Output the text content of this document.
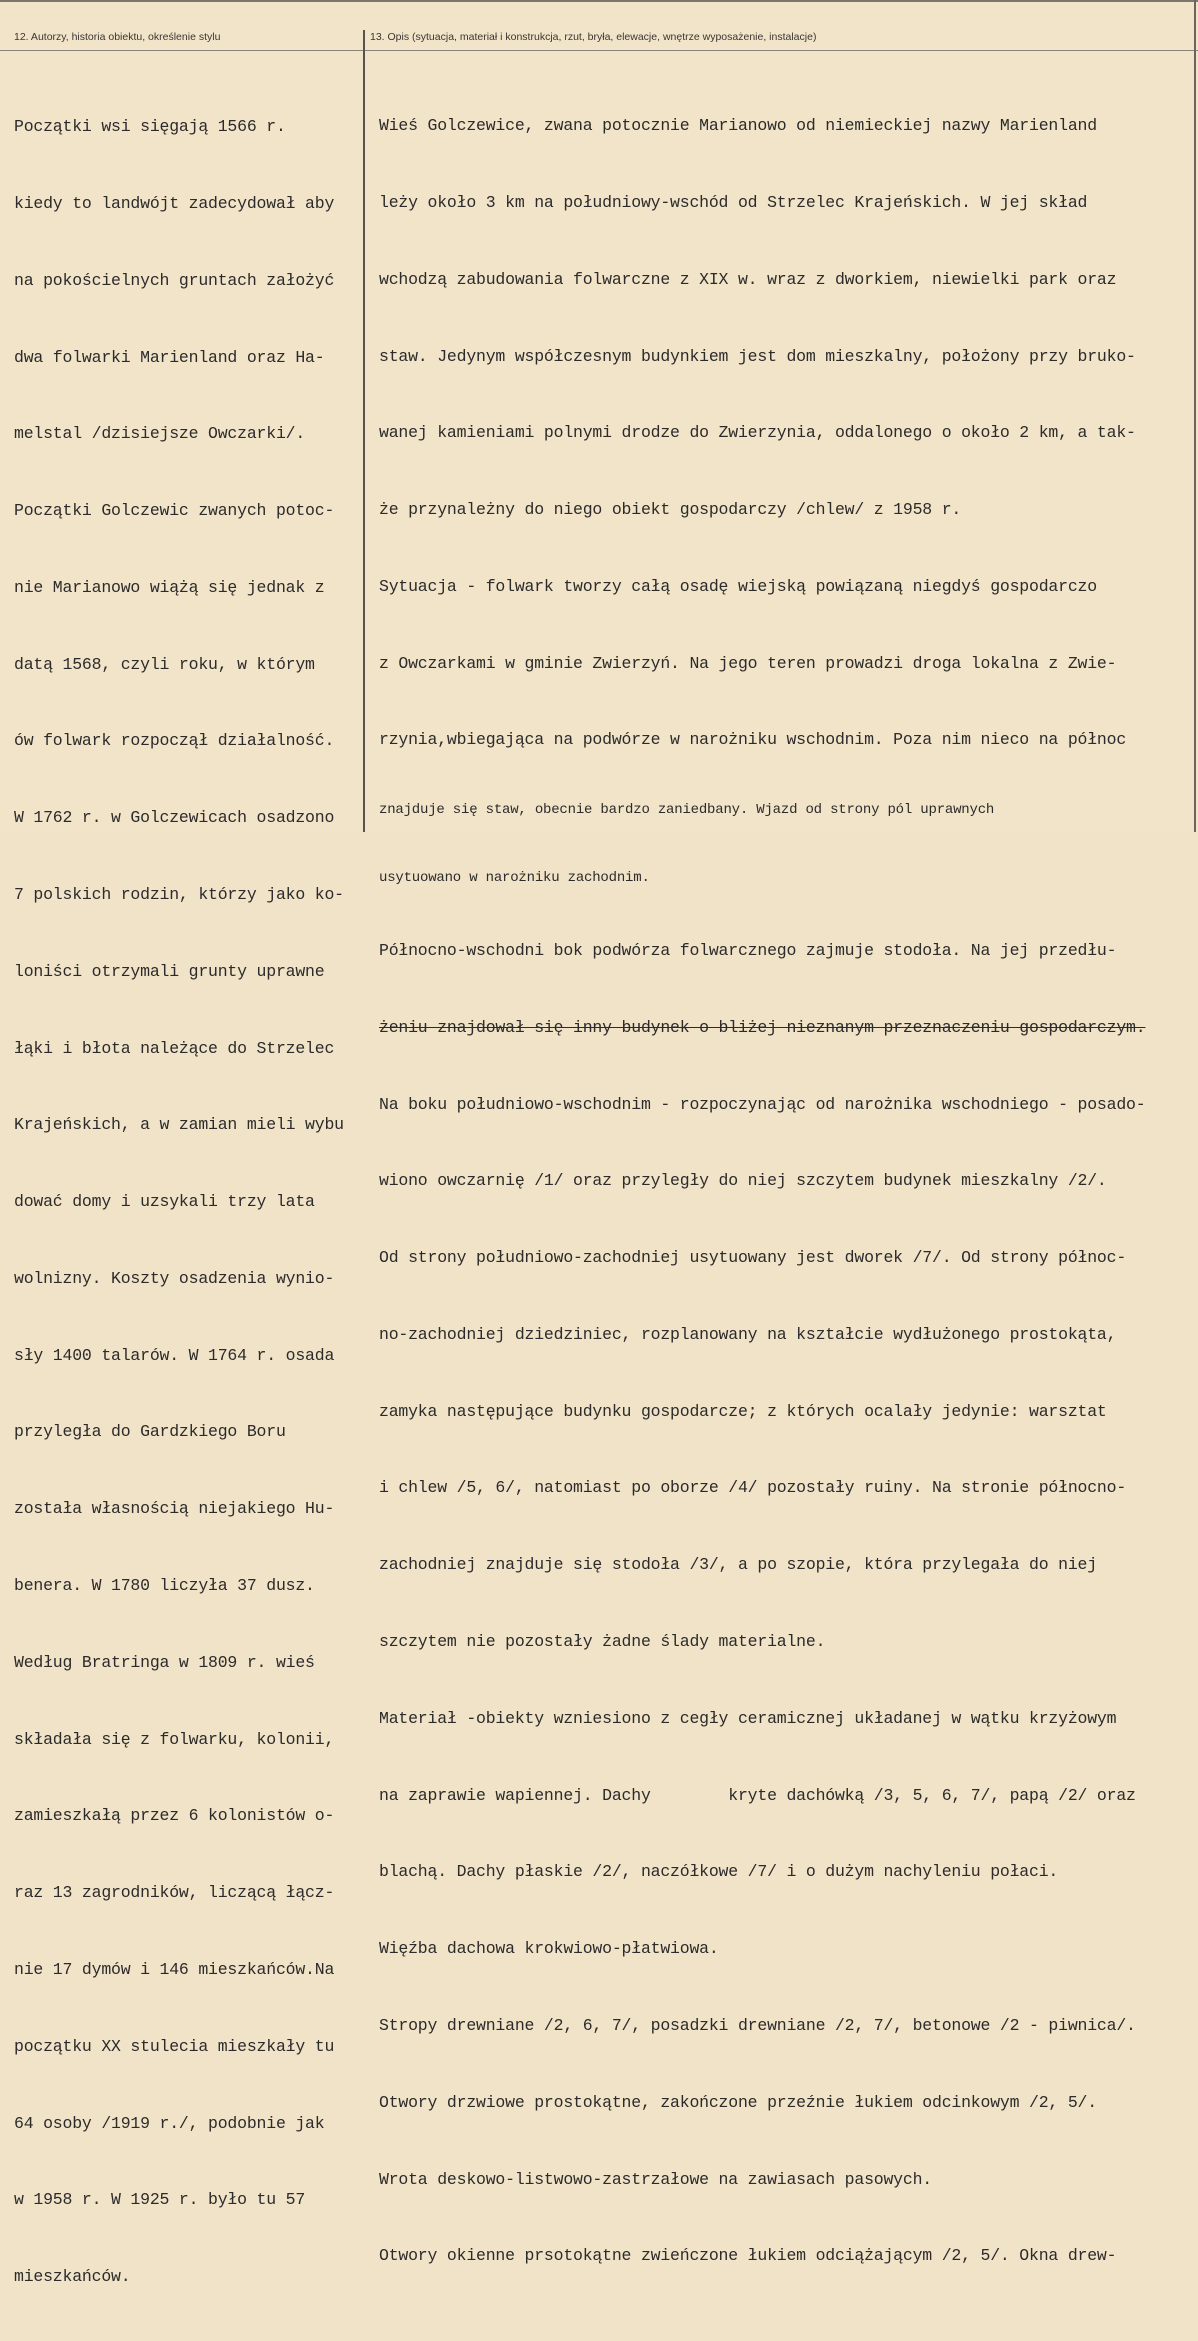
12. Autorzy, historia obiektu, określenie stylu	13. Opis (sytuacja, materiał i konstrukcja, rzut, bryła, elewacje, wnętrze wyposażenie, instalacje)

Początki wsi sięgają 1566 r.

kiedy to landwójt zadecydował aby

na pokościelnych gruntach założyć

dwa folwarki Marienland oraz Ha-

melstal /dzisiejsze Owczarki/.

Początki Golczewic zwanych potoc-

nie Marianowo wiążą się jednak z

datą 1568, czyli roku, w którym

ów folwark rozpoczął działalność.

W 1762 r. w Golczewicach osadzono

7 polskich rodzin, którzy jako ko-

loniści otrzymali grunty uprawne

łąki i błota należące do Strzelec

Krajeńskich, a w zamian mieli wybu

dować domy i uzsykali trzy lata

wolnizny. Koszty osadzenia wynio-

sły 1400 talarów. W 1764 r. osada

przyległa do Gardzkiego Boru

została własnością niejakiego Hu-

benera. W 1780 liczyła 37 dusz.

Według Bratringa w 1809 r. wieś

składała się z folwarku, kolonii,

zamieszkałą przez 6 kolonistów o-

raz 13 zagrodników, liczącą łącz-

nie 17 dymów i 146 mieszkańców.Na

początku XX stulecia mieszkały tu

64 osoby /1919 r./, podobnie jak

w 1958 r. W 1925 r. było tu 57

mieszkańców.

Wieś Golczewice, zwana potocznie Marianowo od niemieckiej nazwy Marienland

leży około 3 km na południowy-wschód od Strzelec Krajeńskich. W jej skład

wchodzą zabudowania folwarczne z XIX w. wraz z dworkiem, niewielki park oraz

staw. Jedynym współczesnym budynkiem jest dom mieszkalny, położony przy bruko-

wanej kamieniami polnymi drodze do Zwierzynia, oddalonego o około 2 km, a tak-

że przynależny do niego obiekt gospodarczy /chlew/ z 1958 r.

Sytuacja - folwark tworzy całą osadę wiejską powiązaną niegdyś gospodarczo

z Owczarkami w gminie Zwierzyń. Na jego teren prowadzi droga lokalna z Zwie-

rzynia,wbiegająca na podwórze w narożniku wschodnim. Poza nim nieco na północ

znajduje się staw, obecnie bardzo zaniedbany. Wjazd od strony pól uprawnych

usytuowano w narożniku zachodnim.

Północno-wschodni bok podwórza folwarcznego zajmuje stodoła. Na jej przedłu-

żeniu znajdował się inny budynek o bliżej nieznanym przeznaczeniu gospodarczym.

Na boku południowo-wschodnim - rozpoczynając od narożnika wschodniego - posado-

wiono owczarnię /1/ oraz przyległy do niej szczytem budynek mieszkalny /2/.

Od strony południowo-zachodniej usytuowany jest dworek /7/. Od strony północ-

no-zachodniej dziedziniec, rozplanowany na kształcie wydłużonego prostokąta,

zamyka następujące budynku gospodarcze; z których ocalały jedynie: warsztat

i chlew /5, 6/, natomiast po oborze /4/ pozostały ruiny. Na stronie północno-

zachodniej znajduje się stodoła /3/, a po szopie, która przylegała do niej

szczytem nie pozostały żadne ślady materialne.

Materiał -obiekty wzniesiono z cegły ceramicznej układanej w wątku krzyżowym

na zaprawie wapiennej. Dachy        kryte dachówką /3, 5, 6, 7/, papą /2/ oraz

blachą. Dachy płaskie /2/, naczółkowe /7/ i o dużym nachyleniu połaci.

Więźba dachowa krokwiowo-płatwiowa.

Stropy drewniane /2, 6, 7/, posadzki drewniane /2, 7/, betonowe /2 - piwnica/.

Otwory drzwiowe prostokątne, zakończone przeźnie łukiem odcinkowym /2, 5/.

Wrota deskowo-listwowo-zastrzałowe na zawiasach pasowych.

Otwory okienne prsotokątne zwieńczone łukiem odciążającym /2, 5/. Okna drew-
